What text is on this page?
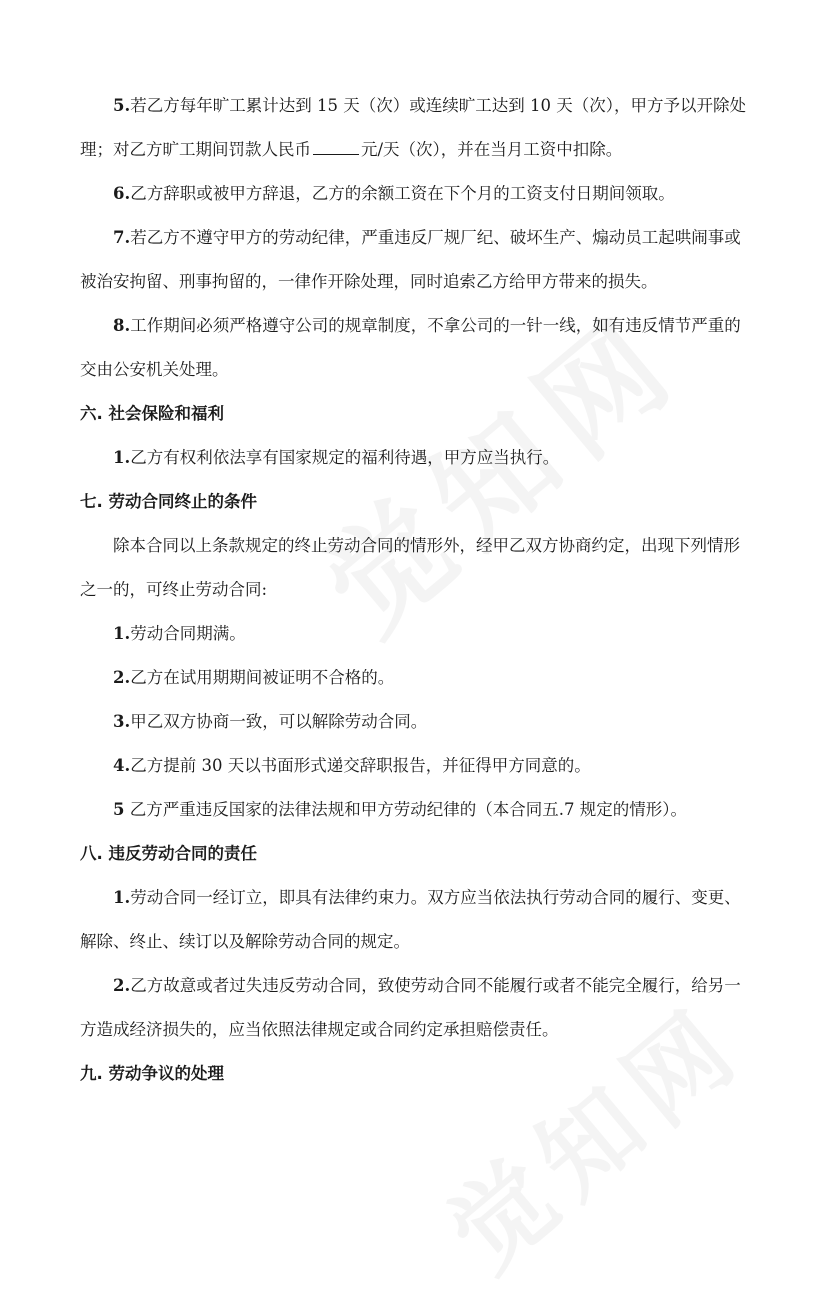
5.若乙方每年旷工累计达到 15 天（次）或连续旷工达到 10 天（次），甲方予以开除处

理；对乙方旷工期间罚款人民币	元/天（次），并在当月工资中扣除。

6.乙方辞职或被甲方辞退，乙方的余额工资在下个月的工资支付日期间领取。

7.若乙方不遵守甲方的劳动纪律，严重违反厂规厂纪、破坏生产、煽动员工起哄闹事或

被治安拘留、刑事拘留的，一律作开除处理，同时追索乙方给甲方带来的损失。

8.工作期间必须严格遵守公司的规章制度，不拿公司的一针一线，如有违反情节严重的

交由公安机关处理。

六. 社会保险和福利

1.乙方有权利依法享有国家规定的福利待遇，甲方应当执行。

七. 劳动合同终止的条件

除本合同以上条款规定的终止劳动合同的情形外，经甲乙双方协商约定，出现下列情形

之一的，可终止劳动合同:

1.劳动合同期满。

2.乙方在试用期期间被证明不合格的。

3.甲乙双方协商一致，可以解除劳动合同。

4.乙方提前 30 天以书面形式递交辞职报告，并征得甲方同意的。

5 乙方严重违反国家的法律法规和甲方劳动纪律的（本合同五.7 规定的情形）。

八. 违反劳动合同的责任

1.劳动合同一经订立，即具有法律约束力。双方应当依法执行劳动合同的履行、变更、

解除、终止、续订以及解除劳动合同的规定。

2.乙方故意或者过失违反劳动合同，致使劳动合同不能履行或者不能完全履行，给另一

方造成经济损失的，应当依照法律规定或合同约定承担赔偿责任。

九. 劳动争议的处理
